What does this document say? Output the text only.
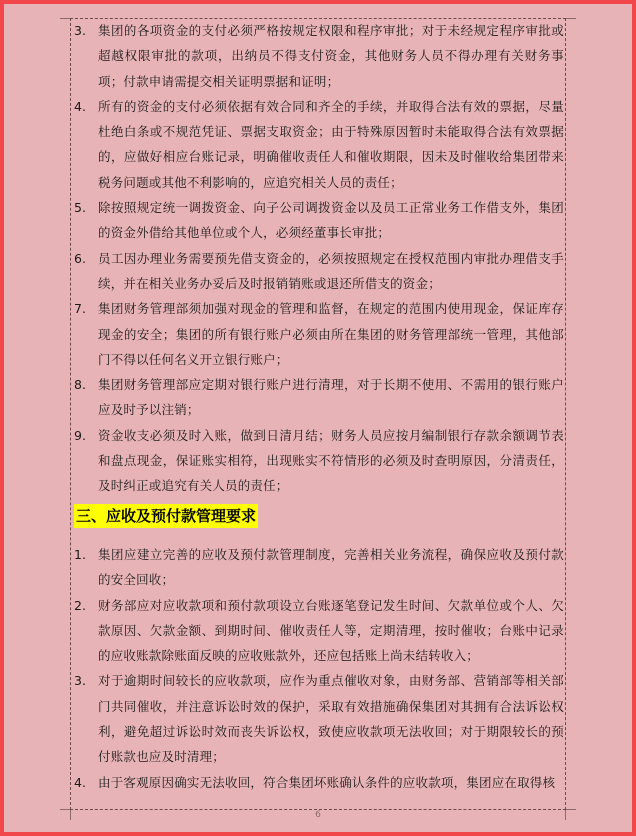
3. 集团的各项资金的支付必须严格按规定权限和程序审批；对于未经规定程序审批或超越权限审批的款项，出纳员不得支付资金，其他财务人员不得办理有关财务事项；付款申请需提交相关证明票据和证明；
4. 所有的资金的支付必须依据有效合同和齐全的手续，并取得合法有效的票据，尽量杜绝白条或不规范凭证、票据支取资金；由于特殊原因暂时未能取得合法有效票据的，应做好相应台账记录，明确催收责任人和催收期限，因未及时催收给集团带来税务问题或其他不利影响的，应追究相关人员的责任；
5. 除按照规定统一调拨资金、向子公司调拨资金以及员工正常业务工作借支外，集团的资金外借给其他单位或个人，必须经董事长审批；
6. 员工因办理业务需要预先借支资金的，必须按照规定在授权范围内审批办理借支手续，并在相关业务办妥后及时报销销账或退还所借支的资金；
7. 集团财务管理部须加强对现金的管理和监督，在规定的范围内使用现金，保证库存现金的安全；集团的所有银行账户必须由所在集团的财务管理部统一管理，其他部门不得以任何名义开立银行账户；
8. 集团财务管理部应定期对银行账户进行清理，对于长期不使用、不需用的银行账户应及时予以注销；
9. 资金收支必须及时入账，做到日清月结；财务人员应按月编制银行存款余额调节表和盘点现金，保证账实相符，出现账实不符情形的必须及时查明原因，分清责任，及时纠正或追究有关人员的责任；
三、应收及预付款管理要求
1. 集团应建立完善的应收及预付款管理制度，完善相关业务流程，确保应收及预付款的安全回收；
2. 财务部应对应收款项和预付款项设立台账逐笔登记发生时间、欠款单位或个人、欠款原因、欠款金额、到期时间、催收责任人等，定期清理，按时催收；台账中记录的应收账款除账面反映的应收账款外，还应包括账上尚未结转收入；
3. 对于逾期时间较长的应收款项，应作为重点催收对象，由财务部、营销部等相关部门共同催收，并注意诉讼时效的保护，采取有效措施确保集团对其拥有合法诉讼权利，避免超过诉讼时效而丧失诉讼权，致使应收款项无法收回；对于期限较长的预付账款也应及时清理；
4. 由于客观原因确实无法收回，符合集团坏账确认条件的应收款项，集团应在取得核
6
